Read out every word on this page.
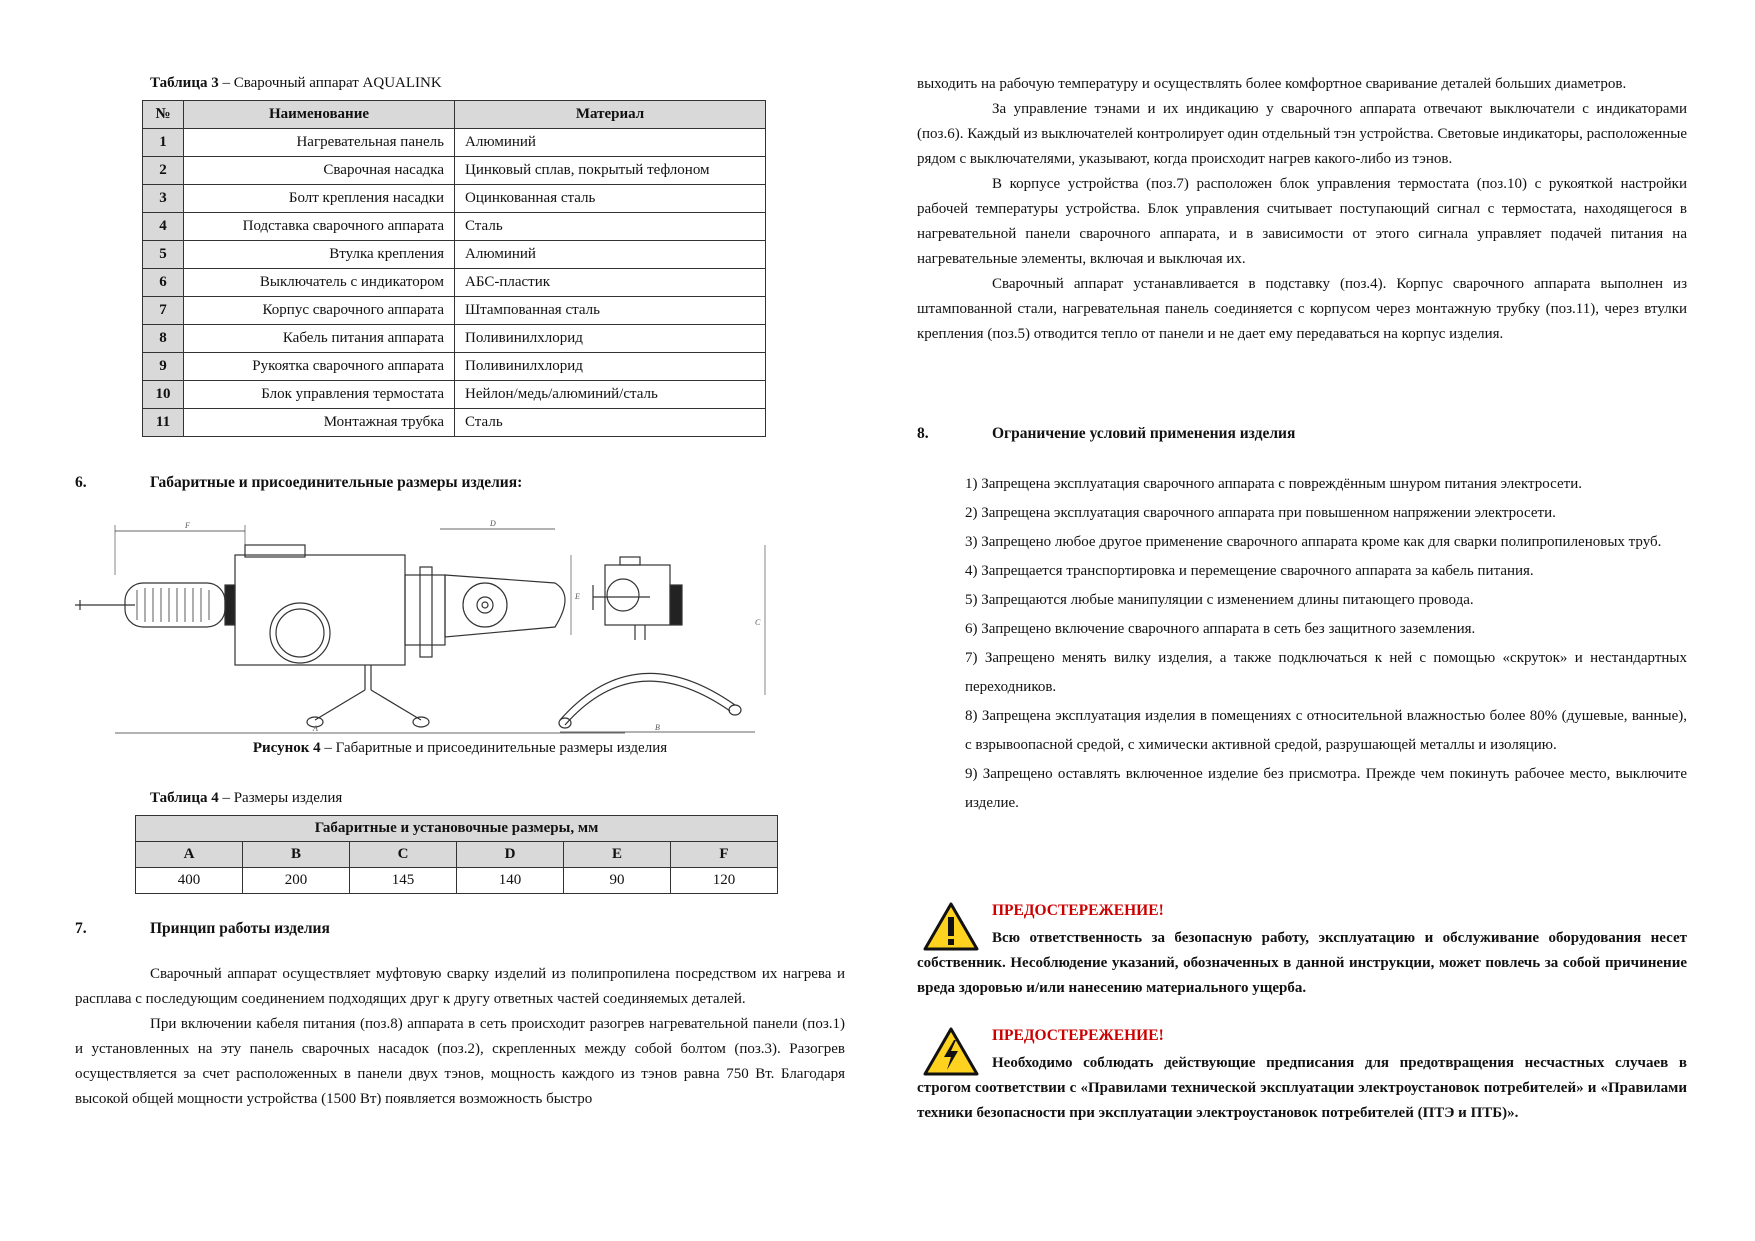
Таблица 3 – Сварочный аппарат AQUALINK
№	Наименование	Материал
1	Нагревательная панель	Алюминий
2	Сварочная насадка	Цинковый сплав, покрытый тефлоном
3	Болт крепления насадки	Оцинкованная сталь
4	Подставка сварочного аппарата	Сталь
5	Втулка крепления	Алюминий
6	Выключатель с индикатором	АБС-пластик
7	Корпус сварочного аппарата	Штампованная сталь
8	Кабель питания аппарата	Поливинилхлорид
9	Рукоятка сварочного аппарата	Поливинилхлорид
10	Блок управления термостата	Нейлон/медь/алюминий/сталь
11	Монтажная трубка	Сталь
6.	Габаритные и присоединительные размеры изделия:
F	D
E
A
C
B
Рисунок 4 – Габаритные и присоединительные размеры изделия
Таблица 4 – Размеры изделия
Габаритные и установочные размеры, мм					
A	B	C	D	E	F
400	200	145	140	90	120
7.	Принцип работы изделия

Сварочный аппарат осуществляет муфтовую сварку изделий из полипропилена посредством их нагрева и расплава с последующим соединением подходящих друг к другу ответных частей соединяемых деталей.

При включении кабеля питания (поз.8) аппарата в сеть происходит разогрев нагревательной панели (поз.1) и установленных на эту панель сварочных насадок (поз.2), скрепленных между собой болтом (поз.3). Разогрев осуществляется за счет расположенных в панели двух тэнов, мощность каждого из тэнов равна 750 Вт. Благодаря высокой общей мощности устройства (1500 Вт) появляется возможность быстро

выходить на рабочую температуру и осуществлять более комфортное сваривание деталей больших диаметров.

За управление тэнами и их индикацию у сварочного аппарата отвечают выключатели с индикаторами (поз.6). Каждый из выключателей контролирует один отдельный тэн устройства. Световые индикаторы, расположенные рядом с выключателями, указывают, когда происходит нагрев какого-либо из тэнов.

В корпусе устройства (поз.7) расположен блок управления термостата (поз.10) с рукояткой настройки рабочей температуры устройства. Блок управления считывает поступающий сигнал с термостата, находящегося в нагревательной панели сварочного аппарата, и в зависимости от этого сигнала управляет подачей питания на нагревательные элементы, включая и выключая их.

Сварочный аппарат устанавливается в подставку (поз.4). Корпус сварочного аппарата выполнен из штампованной стали, нагревательная панель соединяется с корпусом через монтажную трубку (поз.11), через втулки крепления (поз.5) отводится тепло от панели и не дает ему передаваться на корпус изделия.

8.	Ограничение условий применения изделия
1) Запрещена эксплуатация сварочного аппарата с повреждённым шнуром питания электросети.
2) Запрещена эксплуатация сварочного аппарата при повышенном напряжении электросети.
3) Запрещено любое другое применение сварочного аппарата кроме как для сварки полипропиленовых труб.
4) Запрещается транспортировка и перемещение сварочного аппарата за кабель питания.
5) Запрещаются любые манипуляции с изменением длины питающего провода.
6) Запрещено включение сварочного аппарата в сеть без защитного заземления.
7) Запрещено менять вилку изделия, а также подключаться к ней с помощью «скруток» и нестандартных переходников.
8) Запрещена эксплуатация изделия в помещениях с относительной влажностью более 80% (душевые, ванные), с взрывоопасной средой, с химически активной средой, разрушающей металлы и изоляцию.
9) Запрещено оставлять включенное изделие без присмотра. Прежде чем покинуть рабочее место, выключите изделие.
ПРЕДОСТЕРЕЖЕНИЕ!
Всю ответственность за безопасную работу, эксплуатацию и обслуживание оборудования несет собственник. Несоблюдение указаний, обозначенных в данной инструкции, может повлечь за собой причинение вреда здоровью и/или нанесению материального ущерба.
ПРЕДОСТЕРЕЖЕНИЕ!
Необходимо соблюдать действующие предписания для предотвращения несчастных случаев в строгом соответствии с «Правилами технической эксплуатации электроустановок потребителей» и «Правилами техники безопасности при эксплуатации электроустановок потребителей (ПТЭ и ПТБ)».
